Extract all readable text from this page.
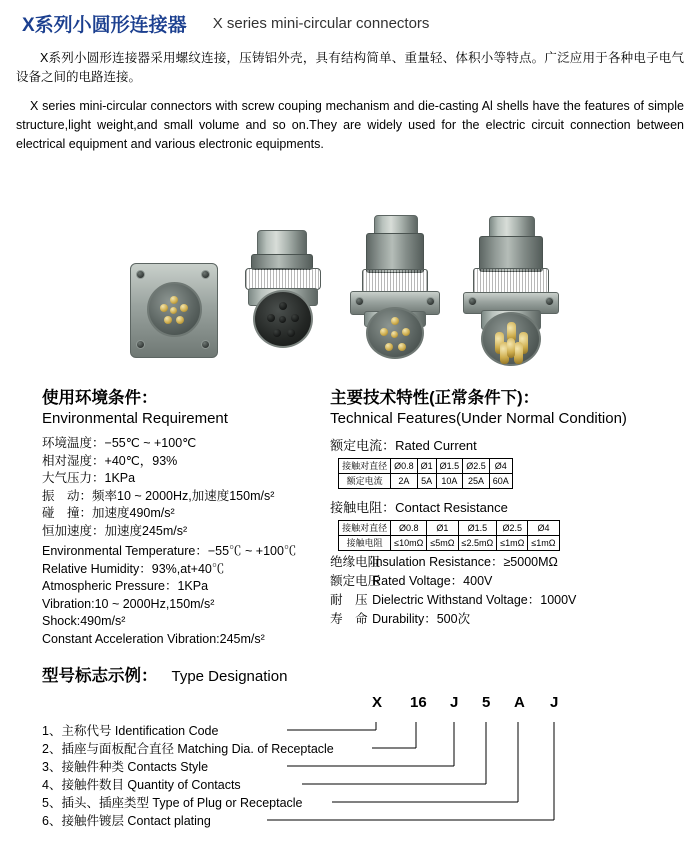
X系列小圆形连接器 X series mini-circular connectors

X系列小圆形连接器采用螺纹连接，压铸铝外壳，具有结构简单、重量轻、体积小等特点。广泛应用于各种电子电气设备之间的电路连接。

X series mini-circular connectors with screw couping mechanism and die-casting Al shells have the features of simple structure,light weight,and small volume and so on.They are widely used for the electric circuit connection between electrical equipment and various electronic equipments.

使用环境条件：
Environmental Requirement
环境温度：−55℃ ~ +100℃
相对湿度：+40℃，93%
大气压力：1KPa
振　动：频率10 ~ 2000Hz,加速度150m/s²
碰　撞：加速度490m/s²
恒加速度：加速度245m/s²
Environmental Temperature：−55℃ ~ +100℃
Relative Humidity：93%,at+40℃
Atmospheric Pressure：1KPa
Vibration:10 ~ 2000Hz,150m/s²
Shock:490m/s²
Constant Acceleration Vibration:245m/s²
主要技术特性(正常条件下)：
Technical Features(Under Normal Condition)
额定电流：Rated Current
接触对直径	Ø0.8	Ø1	Ø1.5	Ø2.5	Ø4
额定电流	2A	5A	10A	25A	60A
接触电阻：Contact Resistance
接触对直径	Ø0.8	Ø1	Ø1.5	Ø2.5	Ø4
接触电阻	≤10mΩ	≤5mΩ	≤2.5mΩ	≤1mΩ	≤1mΩ
绝缘电阻Insulation Resistance：≥5000MΩ
额定电压Rated Voltage：400V
耐　压 Dielectric Withstand Voltage：1000V
寿　命 Durability：500次
型号标志示例： Type Designation
X 16 J 5 A J
1、主称代号 Identification Code
2、插座与面板配合直径 Matching Dia. of Receptacle
3、接触件种类 Contacts Style
4、接触件数目 Quantity of Contacts
5、插头、插座类型 Type of Plug or Receptacle
6、接触件镀层 Contact plating
